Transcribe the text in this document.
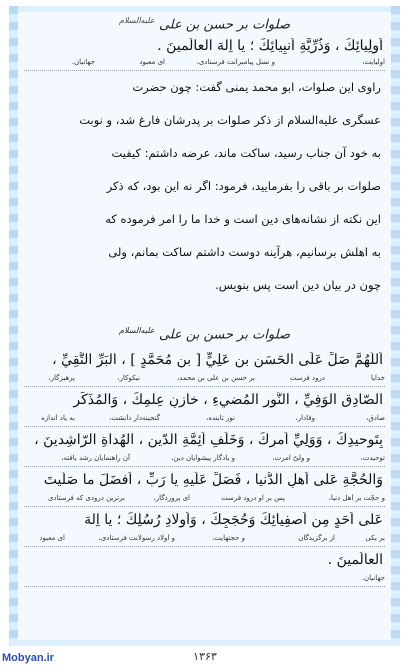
صلوات بر حسن بن علی $^{علیه‌السلام}$
اَولِيائِكَ ، وَذُرِّيَّةِ اَنبِيائِكَ ؛ يا اِلهَ العالَمينَ .
اولیایت،
و نسل پیامبرانت فرستادی،
ای معبود
جهانیان.
راوی این صلوات، ابو محمد یمنی گفت: چون حضرت
عسگری علیه‌السلام از ذکر صلوات بر پدرشان فارغ شد، و نوبت
به خود آن جناب رسید، ساکت ماند، عرضه داشتم: کیفیت
صلوات بر باقی را بفرمایید، فرمود: اگر نه این بود، که ذکر
این نکته از نشانه‌های دین است و خدا ما را امر فرموده که
به اهلش برسانیم، هرآینه دوست داشتم ساکت بمانم، ولی
چون در بیان دین است پس بنویس.
صلوات بر حسن بن علی $^{علیه‌السلام}$
اَللّهُمَّ صَلِّ عَلَى الحَسَنِ بنِ عَلِيٍّ [ بنِ مُحَمَّدٍ ] ، البَرِّ التَّقِيِّ ،
خدایا
درود فرست
بر حسن بن علی بن محمد،
نیکوکار،
پرهیزگار،
الصّادِقِ الوَفِيِّ ، النُّورِ المُضيءِ ، خازِنِ عِلمِكَ ، وَالمُذَكِّرِ
صادق،
وفادار،
نور تابنده،
گنجینه‌دار دانشت،
به یاد اندازه
بِتَوحيدِكَ ، وَوَلِيِّ اَمرِكَ ، وَخَلَفِ اَئِمَّةِ الدّينِ ، الهُداةِ الرّاشِدينَ ،
توحیدت،
و ولیّ امرت،
و یادگار پیشوایان دین،
آن راهنمایان رشد یافته،
وَالحُجَّةِ عَلى اَهلِ الدُّنيا ، فَصَلِّ عَلَيهِ يا رَبِّ ، اَفضَلَ ما صَلَّيتَ
و حجّت بر اهل دنیا،
پس بر او درود فرست
ای پروردگار،
برترین درودی که فرستادی
عَلى اَحَدٍ مِن اَصفِيائِكَ وَحُجَجِكَ ، وَاَولادِ رُسُلِكَ ؛ يا اِلهَ
بر یکی
از برگزیدگان
و حجتهایت،
و اولاد رسولانت فرستادی،
ای معبود
العالَمينَ .
جهانیان.
Mobyan.ir	۱۳۶۳
